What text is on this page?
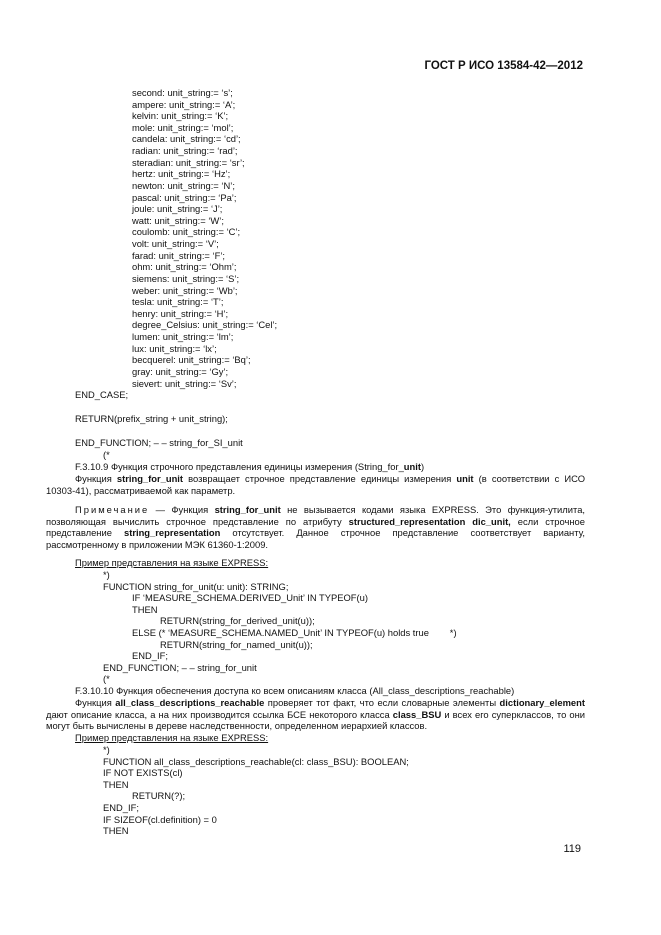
ГОСТ Р ИСО 13584-42—2012
second: unit_string:= ‘s’;
ampere: unit_string:= ‘A’;
kelvin: unit_string:= ‘K’;
mole: unit_string:= ‘mol’;
candela: unit_string:= ‘cd’;
radian: unit_string:= ‘rad’;
steradian: unit_string:= ‘sr’;
hertz: unit_string:= ‘Hz’;
newton: unit_string:= ‘N’;
pascal: unit_string:= ‘Pa’;
joule: unit_string:= ‘J’;
watt: unit_string:= ‘W’;
coulomb: unit_string:= ‘C’;
volt: unit_string:= ‘V’;
farad: unit_string:= ‘F’;
ohm: unit_string:= ‘Ohm’;
siemens: unit_string:= ‘S’;
weber: unit_string:= ‘Wb’;
tesla: unit_string:= ‘T’;
henry: unit_string:= ‘H’;
degree_Celsius: unit_string:= ‘Cel’;
lumen: unit_string:= ‘lm’;
lux: unit_string:= ‘lx’;
becquerel: unit_string:= ‘Bq’;
gray: unit_string:= ‘Gy’;
sievert: unit_string:= ‘Sv’;
END_CASE;
RETURN(prefix_string + unit_string);
END_FUNCTION; – – string_for_SI_unit
(*
F.3.10.9 Функция строчного представления единицы измерения (String_for_unit)
Функция string_for_unit возвращает строчное представление единицы измерения unit (в соответствии с ИСО 10303-41), рассматриваемой как параметр.
Примечание — Функция string_for_unit не вызывается кодами языка EXPRESS. Это функция-утилита, позволяющая вычислить строчное представление по атрибуту structured_representation dic_unit, если строчное представление string_representation отсутствует. Данное строчное представление соответствует варианту, рассмотренному в приложении МЭК 61360-1:2009.
Пример представления на языке EXPRESS:
*)
FUNCTION string_for_unit(u: unit): STRING;
IF ‘MEASURE_SCHEMA.DERIVED_Unit’ IN TYPEOF(u)
THEN
RETURN(string_for_derived_unit(u));
ELSE (* ‘MEASURE_SCHEMA.NAMED_Unit’ IN TYPEOF(u) holds true        *)
RETURN(string_for_named_unit(u));
END_IF;
END_FUNCTION; – – string_for_unit
(*
F.3.10.10 Функция обеспечения доступа ко всем описаниям класса (All_class_descriptions_reachable)
Функция all_class_descriptions_reachable проверяет тот факт, что если словарные элементы dictionary_element дают описание класса, а на них производится ссылка БСЕ некоторого класса class_BSU и всех его суперклассов, то они могут быть вычислены в дереве наследственности, определенном иерархией классов.
Пример представления на языке EXPRESS:
*)
FUNCTION all_class_descriptions_reachable(cl: class_BSU): BOOLEAN;
IF NOT EXISTS(cl)
THEN
RETURN(?);
END_IF;
IF SIZEOF(cl.definition) = 0
THEN
119
